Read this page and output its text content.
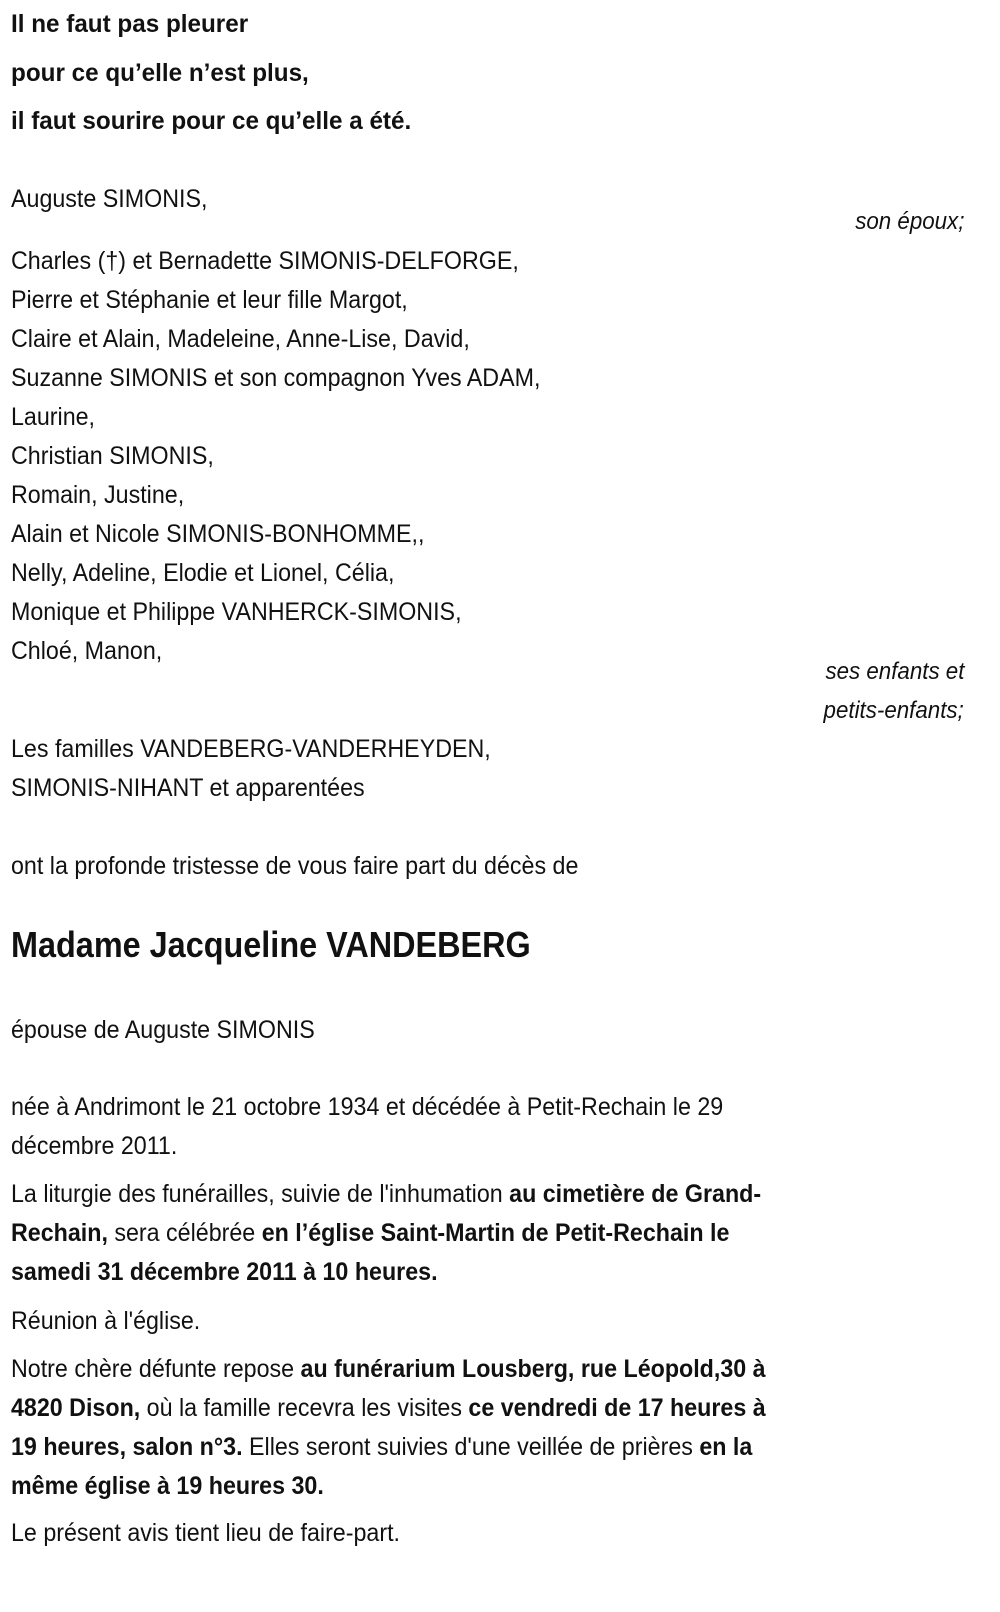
Il ne faut pas pleurer
pour ce qu’elle n’est plus,
il faut sourire pour ce qu’elle a été.
Auguste SIMONIS,
son époux;
Charles (†) et Bernadette SIMONIS-DELFORGE,
Pierre et Stéphanie et leur fille Margot,
Claire et Alain, Madeleine, Anne-Lise, David,
Suzanne SIMONIS et son compagnon Yves ADAM,
Laurine,
Christian SIMONIS,
Romain, Justine,
Alain et Nicole SIMONIS-BONHOMME,,
Nelly, Adeline, Elodie et Lionel, Célia,
Monique et Philippe VANHERCK-SIMONIS,
Chloé, Manon,
ses enfants et
petits-enfants;
Les familles VANDEBERG-VANDERHEYDEN,
SIMONIS-NIHANT et apparentées
ont la profonde tristesse de vous faire part du décès de
Madame Jacqueline VANDEBERG
épouse de Auguste SIMONIS
née à Andrimont le 21 octobre 1934 et décédée à Petit-Rechain le 29
décembre 2011.
La liturgie des funérailles, suivie de l'inhumation au cimetière de Grand-
Rechain, sera célébrée en l’église Saint-Martin de Petit-Rechain le
samedi 31 décembre 2011 à 10 heures.
Réunion à l'église.
Notre chère défunte repose au funérarium Lousberg, rue Léopold,30 à
4820 Dison, où la famille recevra les visites ce vendredi de 17 heures à
19 heures, salon n°3. Elles seront suivies d'une veillée de prières en la
même église à 19 heures 30.
Le présent avis tient lieu de faire-part.
